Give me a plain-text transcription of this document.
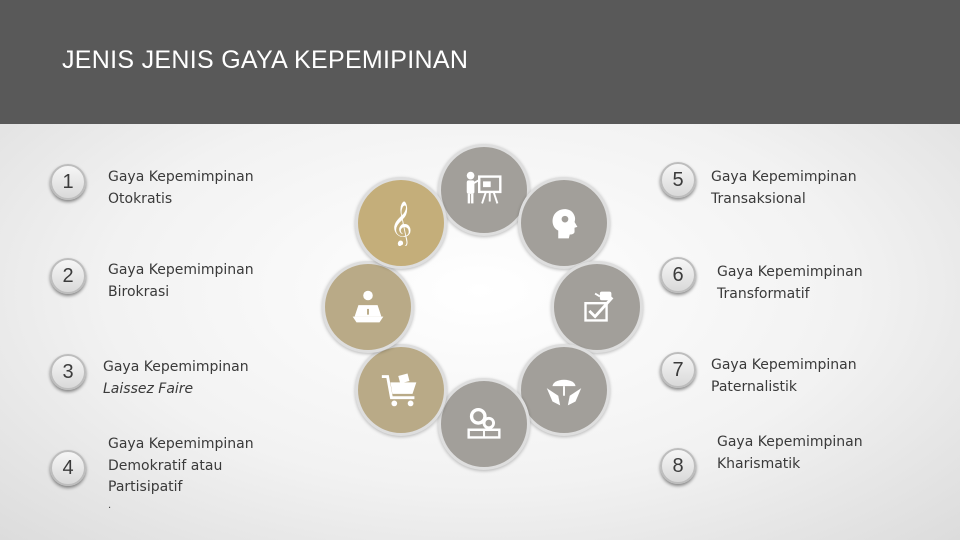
JENIS JENIS GAYA KEPEMIPINAN
1	Gaya Kepemimpinan
Otokratis
2	Gaya Kepemimpinan
Birokrasi
3	Gaya Kepemimpinan
Laissez Faire
4
Gaya Kepemimpinan
Demokratif atau
Partisipatif
.
5	Gaya Kepemimpinan
Transaksional
6	Gaya Kepemimpinan
Transformatif
7	Gaya Kepemimpinan
Paternalistik
8
Gaya Kepemimpinan
Kharismatik
𝄞
